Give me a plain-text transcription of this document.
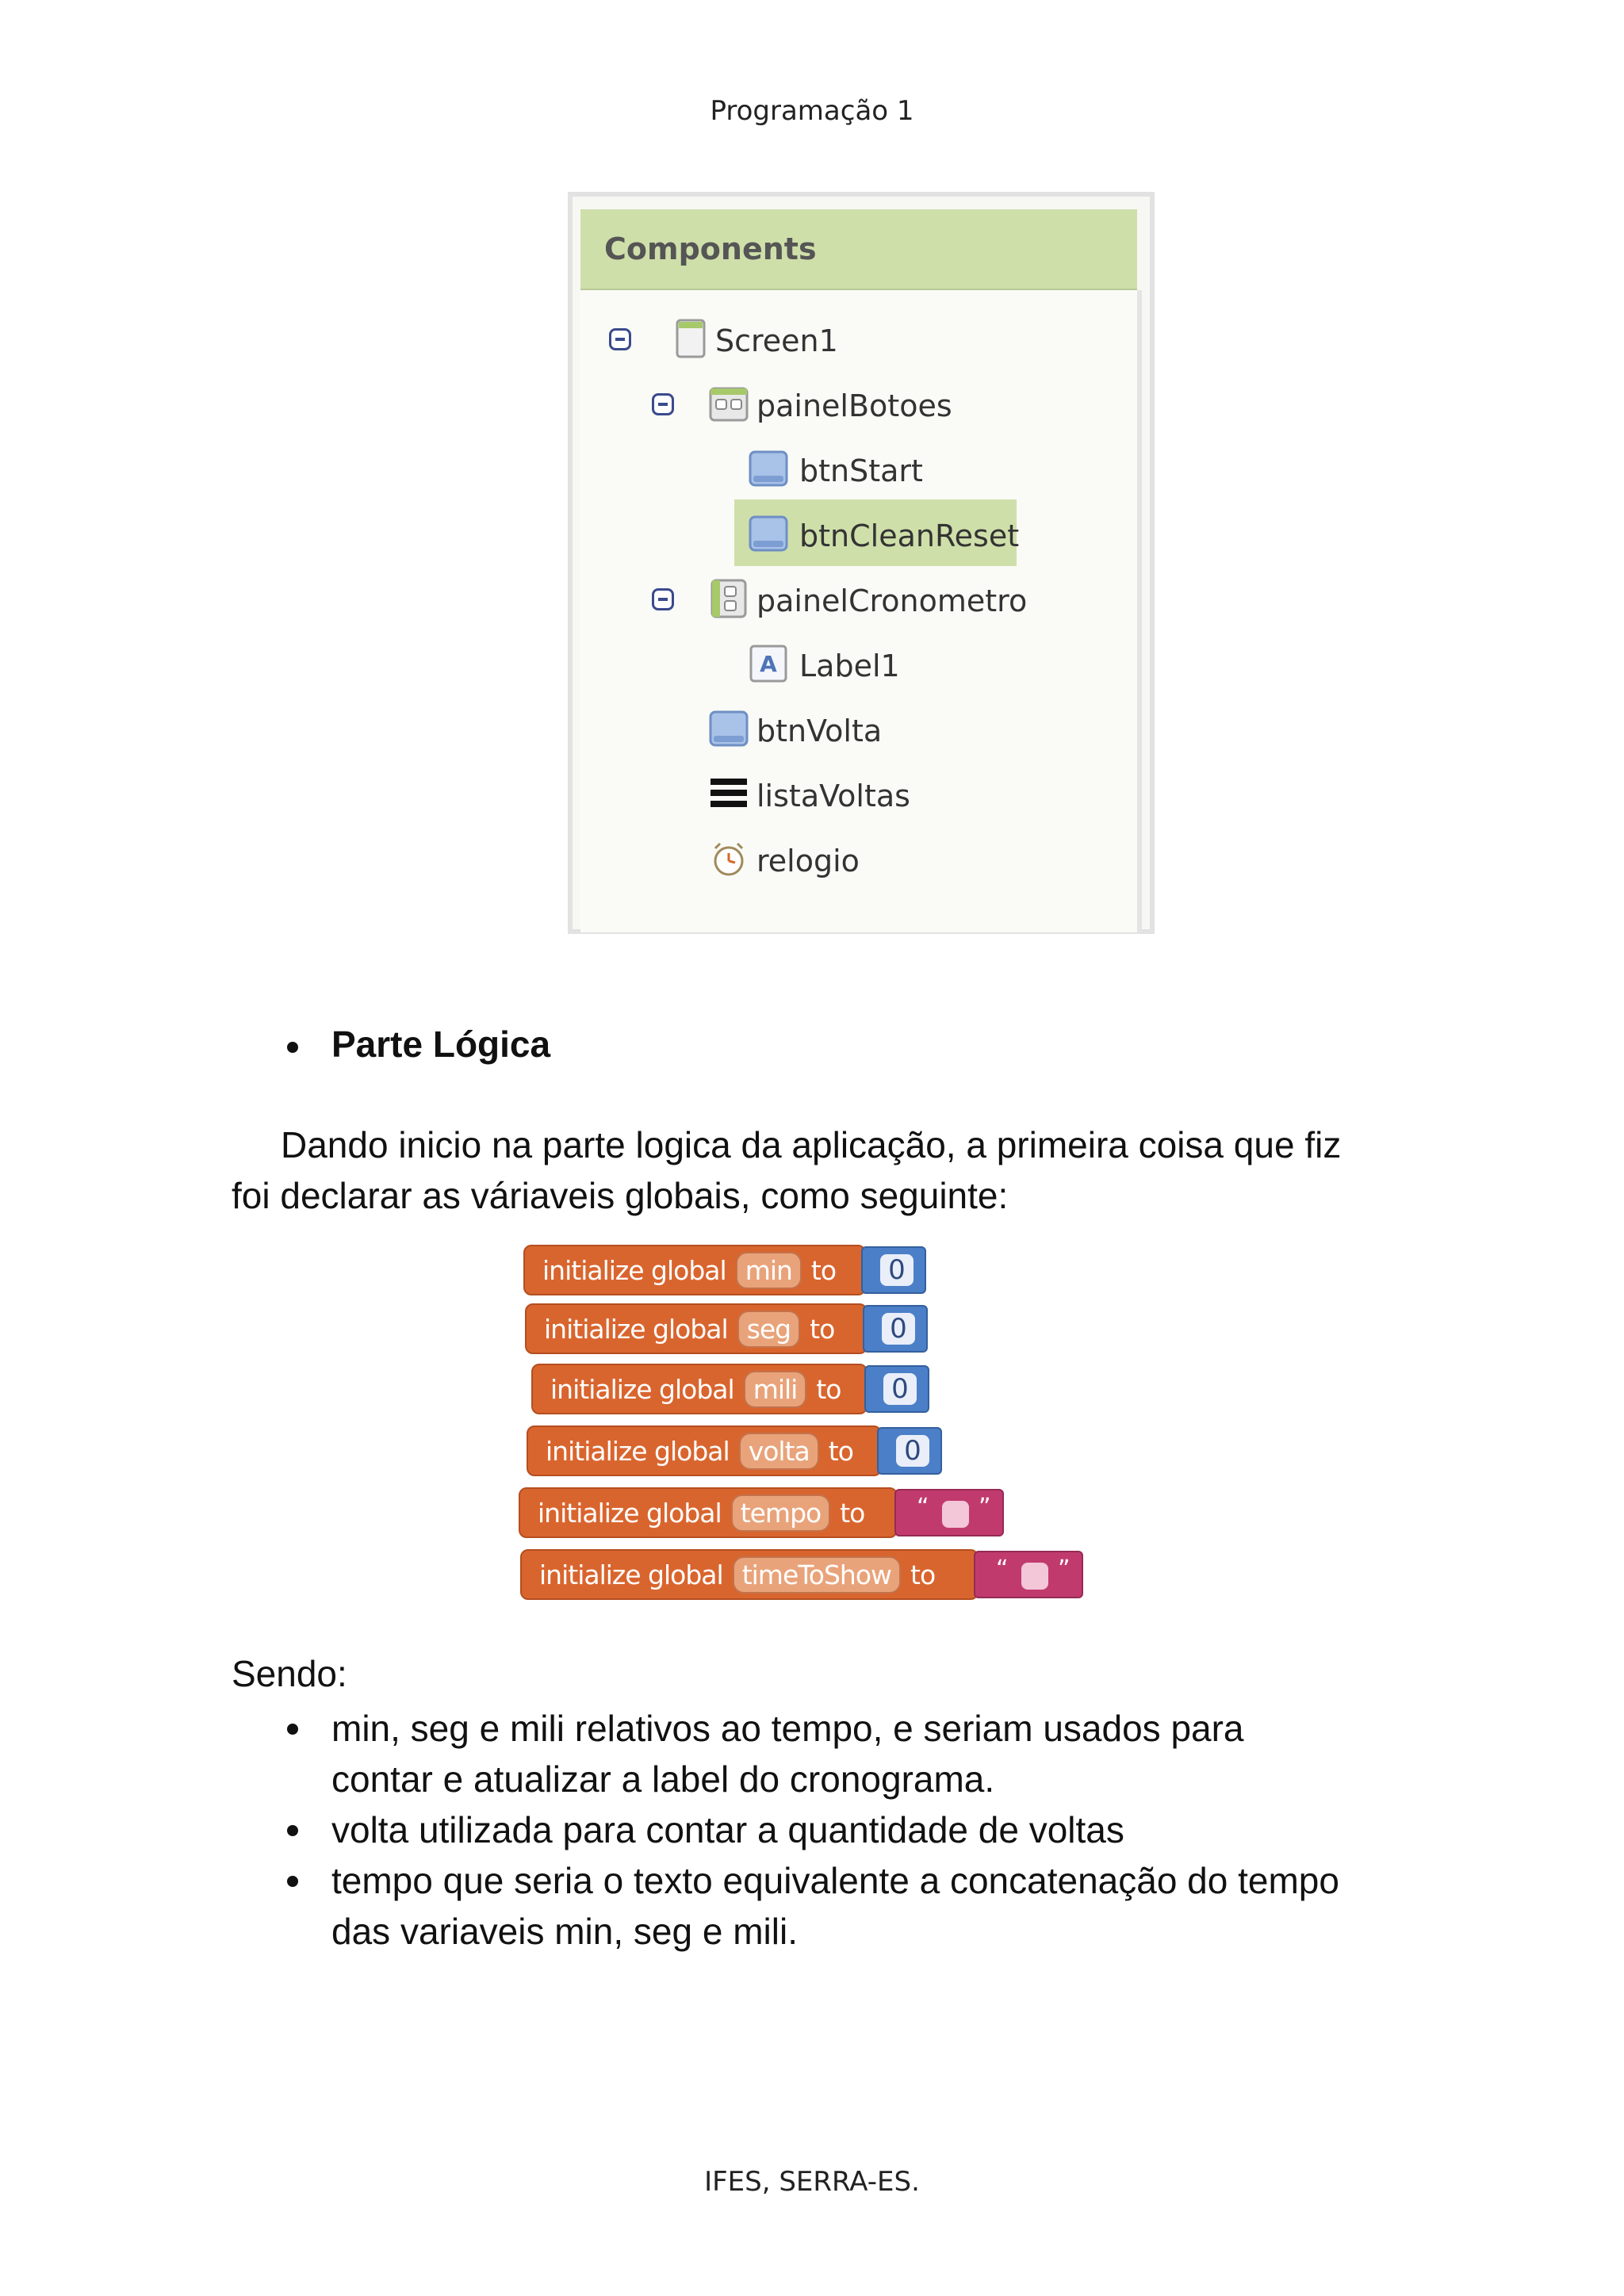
Programação 1
Components
Screen1
painelBotoes
btnStart
btnCleanReset
painelCronometro
A Label1
btnVolta
listaVoltas
relogio
Parte Lógica
Dando inicio na parte logica da aplicação, a primeira coisa que fiz
foi declarar as váriaveis globais, como seguinte:
initialize global min to 0
initialize global seg to 0
initialize global mili to 0
initialize global volta to 0
initialize global tempo to “ ”
initialize global timeToShow to	“ ”
Sendo:
min, seg e mili relativos ao tempo, e seriam usados para
contar e atualizar a label do cronograma.
volta utilizada para contar a quantidade de voltas
tempo que seria o texto equivalente a concatenação do tempo
das variaveis min, seg e mili.
IFES, SERRA-ES.
